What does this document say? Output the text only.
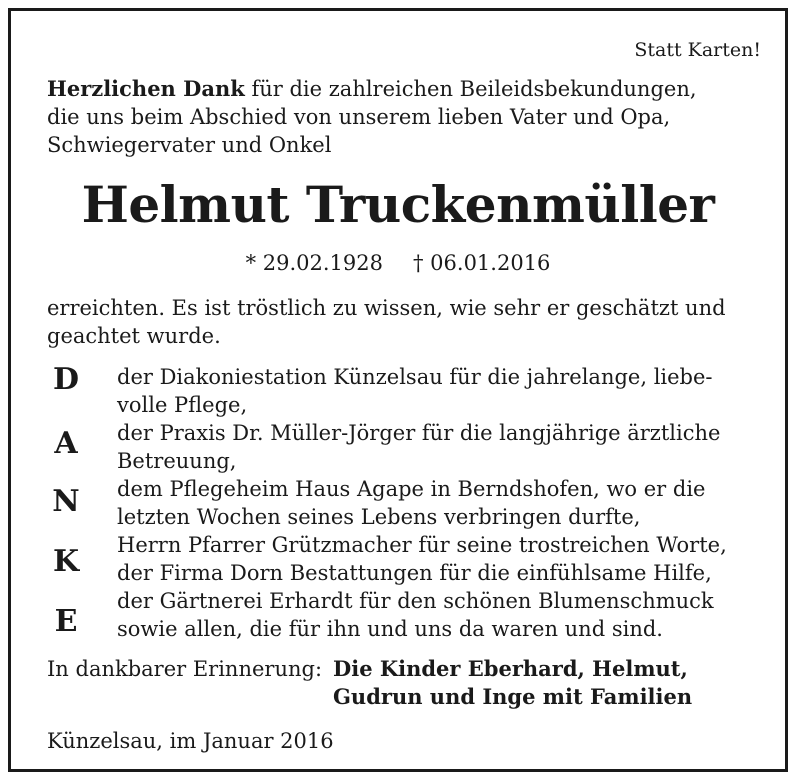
Statt Karten!
Herzlichen Dank für die zahlreichen Beileidsbekundungen,
die uns beim Abschied von unserem lieben Vater und Opa,
Schwiegervater und Onkel
Helmut Truckenmüller
* 29.02.1928 † 06.01.2016
erreichten. Es ist tröstlich zu wissen, wie sehr er geschätzt und
geachtet wurde.
D
A
N
K
E
der Diakoniestation Künzelsau für die jahrelange, liebe-
volle Pflege,
der Praxis Dr. Müller-Jörger für die langjährige ärztliche
Betreuung,
dem Pflegeheim Haus Agape in Berndshofen, wo er die
letzten Wochen seines Lebens verbringen durfte,
Herrn Pfarrer Grützmacher für seine trostreichen Worte,
der Firma Dorn Bestattungen für die einfühlsame Hilfe,
der Gärtnerei Erhardt für den schönen Blumenschmuck
sowie allen, die für ihn und uns da waren und sind.
In dankbarer Erinnerung: Die Kinder Eberhard, Helmut,
Gudrun und Inge mit Familien
Künzelsau, im Januar 2016
